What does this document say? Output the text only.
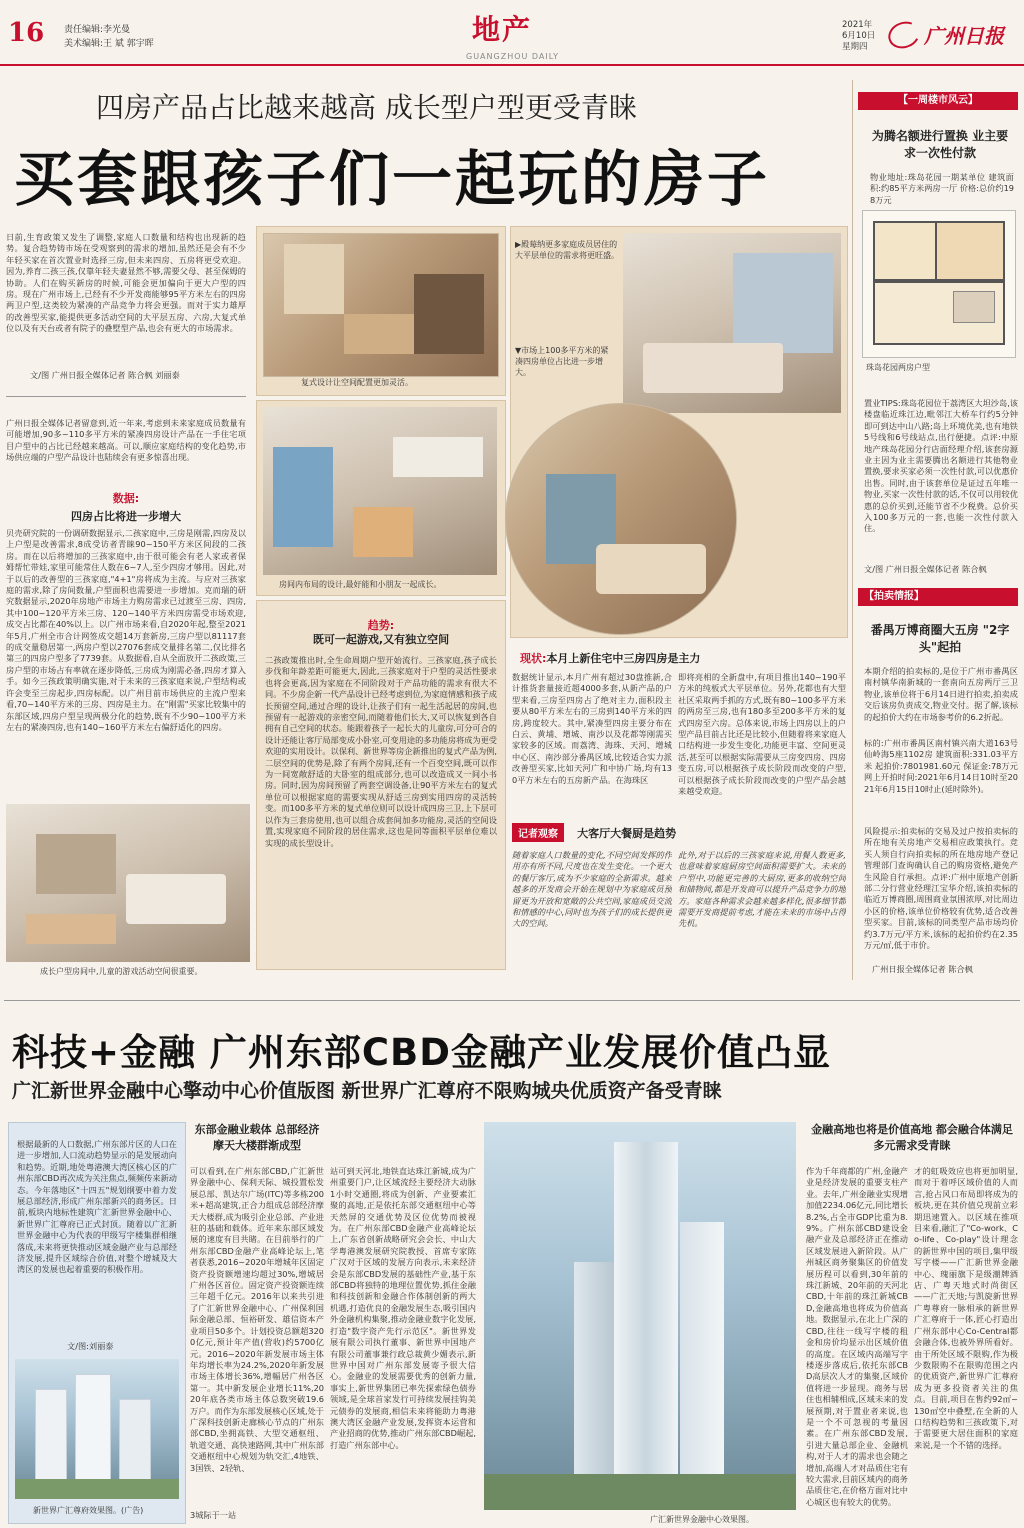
16 责任编辑:李光曼
美术编辑:王 斌 郭宇晖	地产
GUANGZHOU DAILY
2021年
6月10日
星期四	广州日报
四房产品占比越来越高 成长型户型更受青睐
买套跟孩子们一起玩的房子
日前,生育政策又发生了调整,家庭人口数量和结构也出现新的趋势。复合趋势铸市场在受观察到的需求的增加,虽然还是会有不少年轻买家在首次置业时选择三房,但未来四房、五房将更受欢迎。因为,养育二孩三孩,仅靠年轻夫妻显然不够,需要父母、甚至保姆的协助。人们在购买新房的时候,可能会更加偏向于更大户型的四房。现在广州市场上,已经有不少开发商能够95平方米左右的四房两卫户型,这类较为紧凑的产品竞争力将会更强。而对于实力雄厚的改善型买家,能提供更多活动空间的大平层五房、六房,大复式单位以及有天台或者有院子的叠墅型产品,也会有更大的市场需求。
文/图 广州日报全媒体记者 陈合枫 刘丽泰
广州日报全媒体记者留意到,近一年来,考虑到未来家庭成员数量有可能增加,90多~110多平方米的紧凑四房设计产品在一手住宅项目户型中的占比已经越来越高。可以,顺应家庭结构的变化趋势,市场供应端的户型产品设计也陆续会有更多惊喜出现。
数据:
四房占比将进一步增大
贝壳研究院的一份调研数据显示,二孩家庭中,三房是刚需,四房及以上户型是改善需求,8成受访者青睐90~150平方米区间段的二孩房。而在以后将增加的三孩家庭中,由于很可能会有老人家或者保姆帮忙带娃,家里可能常住人数在6~7人,至少四房才够用。因此,对于以后的改善型的三孩家庭,"4+1"房将成为主流。与应对三孩家庭的需求,除了房间数量,户型面积也需要进一步增加。克而瑞的研究数据显示,2020年房地产市场主力购房需求已过渡至三房、四房,其中100~120平方米三房、120~140平方米四房需受市场欢迎,成交占比都在40%以上。以广州市场来看,自2020年起,整至2021年5月,广州全市合计网签成交超14万套新房,三房户型以81117套的成交量稳居第一,两房户型以27076套成交量排名第二,仅比排名第三的四房户型多了7739套。从数据看,自从全面放开二孩政策,三房户型的市场占有率就在逐步降低,三房成为刚需必备,四房才算入手。如今三孩政策明确实施,对于未来的三孩家庭来说,户型结构或许会变至三房起步,四房标配。以广州目前市场供应的主流户型来看,70~140平方米的三房、四房是主力。在"刚需"买家比较集中的东部区域,四房户型呈现两极分化的趋势,既有不少90~100平方米左右的紧凑四房,也有140~160平方米左右偏舒适化的四房。
成长户型房间中,儿童的游戏活动空间很重要。
复式设计让空间配置更加灵活。
房间内布局的设计,最好能和小朋友一起成长。
趋势:
既可一起游戏,又有独立空间
二孩政策推出时,全生命周期户型开始流行。三孩家庭,孩子成长步伐和年龄差距可能更大,因此,三孩家庭对于户型的灵活性要求也将会更高,因为家庭在不同阶段对于产品功能的需求有很大不同。不少房企新一代产品设计已经考虑到位,为家庭情感和孩子成长预留空间,通过合理的设计,让孩子们有一起生活起居的房间,也预留有一起游戏的亲密空间,而随着他们长大,又可以恢复到各自拥有自己空间的状态。能跟着孩子一起长大的儿童房,可分可合的设计还能让客厅局部变成小卧室,可变用途的多功能房将成为更受欢迎的实用设计。以保利、新世界等房企新推出的复式产品为例,二层空间的优势是,除了有两个房间,还有一个百变空间,既可以作为一间宽敞舒适的大卧室的组成部分,也可以改造成又一间小书房。同时,因为房间预留了两套空调设备,让90平方米左右的复式单位可以根据家庭的需要实现从舒适三房到实用四房的灵活转变。而100多平方米的复式单位则可以设计成四房三卫,上下层可以作为三套房使用,也可以组合成套间加多功能房,灵活的空间设置,实现家庭不同阶段的居住需求,这也是同等面积平层单位难以实现的成长型设计。
▶殿莓纳更多家庭成员居住的大平层单位的需求将更旺盛。
▼市场上100多平方米的紧凑四房单位占比进一步增大。
现状:本月上新住宅中三房四房是主力
数据统计显示,本月广州有超过30盘推新,合计推货套量接近超4000多套,从新产品的户型来看,三房至四房占了绝对主力,面积段主要从80平方米左右的三房到140平方米的四房,跨度较大。其中,紧凑型四房主要分布在白云、黄埔、增城、南沙以及花都等刚需买家较多的区域。而荔湾、海珠、天河、增城中心区、南沙部分番禺区域,比较适合实力派改善型买家,比如天河广和中协广场,均有130平方米左右的五房新产品。在海珠区
即将亮相的全新盘中,有项目推出140~190平方米的纯板式大平层单位。另外,花都也有大型社区采取两手抓的方式,既有80~100多平方米的两房至三房,也有180多至200多平方米的复式四房至六房。总体来说,市场上四房以上的户型产品目前占比还是比较小,但随着将来家庭人口结构进一步发生变化,功能更丰富、空间更灵活,甚至可以根据实际需要从三房变四房、四房变五房,可以根据孩子成长阶段而改变的户型,可以根据孩子成长阶段而改变的户型产品会越来越受欢迎。
记者观察 大客厅大餐厨是趋势
随着家庭人口数量的变化,不同空间发挥的作用亦有所不同,尺度也在发生变化。一个更大的餐厅客厅,成为不少家庭的全新需求。越来越多的开发商会开始在规划中为家庭成员预留更为开放和宽敞的公共空间,家庭成员交流和情感的中心,同时也为孩子们的成长提供更大的空间。
此外,对于以后的三孩家庭来说,用餐人数更多,也意味着家庭厨房空间面积需要扩大。未来的户型中,功能更完善的大厨房,更多的收纳空间和储物间,都是开发商可以提升产品竞争力的地方。家庭各种需求会越来越多样化,很多细节都需要开发商提前考虑,才能在未来的市场中占得先机。
【一周楼市风云】
为腾名额进行置换 业主要求一次性付款
物业地址:珠岛花园一期某单位 建筑面积:约85平方米两房一厅 价格:总价约198万元
珠岛花园两房户型
置业TIPS:珠岛花园位于荔湾区大坦沙岛,该楼盘临近珠江边,毗邻江大桥车行约5分钟即可到达中山八路;岛上环境优美,也有地铁5号线和6号线站点,出行便捷。点评:中原地产珠岛花园分行店面经理介绍,该套房源业主因为业主需要腾出名额进行其他物业置换,要求买家必须一次性付款,可以优惠价出售。同时,由于该套单位是证过五年唯一物业,买家一次性付款的话,不仅可以用较优惠的总价买到,还能节省不少税费。总价买入100多万元的一套,也能一次性付款入住。
文/图 广州日报全媒体记者 陈合枫
【拍卖情报】
番禺万博商圈大五房 "2字头"起拍
本期介绍的拍卖标的,是位于广州市番禺区南村镇华南新城的一套南向五房两厅三卫物业,该单位将于6月14日进行拍卖,拍卖成交后该房负责成交,物业交付。据了解,该标的起拍价大约在市场参考价的6.2折起。
标的:广州市番禺区南村镇兴南大道163号仙岭海5座1102房 建筑面积:331.03平方米 起拍价:7801981.60元 保证金:78万元 网上开拍时间:2021年6月14日10时至2021年6月15日10时止(延时除外)。
风险提示:拍卖标的交易及过户按拍卖标的所在地有关房地产交易相应政策执行。竞买人须自行向拍卖标的所在地房地产登记管理部门查询确认自己的购房资格,避免产生风险自行承担。点评:广州中原地产创新部二分行营业经理江宝华介绍,该拍卖标的临近万博商圈,周围商业氛围浓厚,对比周边小区的价格,该单位价格较有优势,适合改善型买家。目前,该标的同类型产品市场均价约3.7万元/平方米,该标的起拍价约在2.35万元/㎡,低于市价。
广州日报全媒体记者 陈合枫
科技+金融 广州东部CBD金融产业发展价值凸显
广汇新世界金融中心擎动中心价值版图 新世界广汇尊府不限购城央优质资产备受青睐
根据最新的人口数据,广州东部片区的人口在进一步增加,人口流动趋势显示的是发展动向和趋势。近期,地处粤港澳大湾区核心区的广州东部CBD再次成为关注焦点,频频传来新动态。今年落地区"十四五"规划纲要中着力发展总部经济,形成广州东部新兴的商务区。日前,板块内地标性建筑广汇新世界金融中心、新世界广汇尊府已正式封顶。随着以广汇新世界金融中心为代表的甲级写字楼集群相继落成,未来将更快推动区域金融产业与总部经济发展,提升区域综合价值,对整个增城及大湾区的发展也起着重要的积极作用。
文/图:刘丽泰
新世界广汇尊府效果图。(广告)
东部金融业载体 总部经济摩天大楼群渐成型
可以看到,在广州东部CBD,广汇新世界金融中心、保利天际、城投置松发展总部、凯达尔广场(ITC)等多栋200米+超高建筑,正合力组成总部经济摩天大楼群,成为吸引企业总部、产业进驻的基础和载体。近年来东部区域发展的速度有目共睹。在目前举行的广州东部CBD金融产业高峰论坛上,笔者获悉,2016~2020年增城年区固定资产投资额增速均超过30%,增城居广州各区首位。固定资产投资额连续三年超千亿元。2016年以来共引进了广汇新世界金融中心、广州保利国际金融总部、恒裕研发、雄信资本产业项目50多个。计划投资总额超3200亿元,预计年产值(营收)约5700亿元。2016~2020年新发展市场主体年均增长率为24.2%,2020年新发展市场主体增长36%,增幅居广州各区第一。其中新发展企业增长11%,2020年底各类市场主体总数突破19.6万户。而作为东部发展核心区域,处于广深科技创新走廊核心节点的广州东部CBD,坐拥高铁、大型交通枢纽、轨道交通、高快速路网,其中广州东部交通枢纽中心规划为轨交汇,4地铁、3国铁、2轻轨、
3城际于一站
站可到天河北,地铁直达珠江新城,成为广州重要门户,让区域流经主要经济大动脉1小时交通圈,将成为创新、产业要素汇聚的高地,正是依托东部交通枢纽中心等天然屏的交通优势及区位优势而被视为。在广州东部CBD金融产业高峰论坛上,广东省创新战略研究会会长、中山大学粤港澳发展研究院教授、首席专家陈广汉对于区域的发展方向表示,未来经济会是东部CBD发展的基础性产业,基于东部CBD将独特的地理位置优势,抓住金融和科技创新和金融合作体制创新的两大机遇,打造优良的金融发展生态,吸引国内外金融机构集聚,推动金融业数字化发展,打造"数字资产先行示范区"。新世界发展有限公司执行董事、新世界中国地产有限公司董事兼行政总裁黄少媚表示,新世界中国对广州东部发展寄予很大信心。金融业的发展需要优秀的创新力量,事实上,新世界集团已率先探索绿色债券领域,是全球首家发行可持续发展挂钩美元债券的发展商,相信未来将能助力粤港澳大湾区金融产业发展,发挥资本运营和产业招商的优势,推动广州东部CBD崛起,打造广州东部中心。
广汇新世界金融中心效果图。
金融高地也将是价值高地 都会融合体满足多元需求受青睐
作为千年商都的广州,金融产业是经济发展的重要支柱产业。去年,广州金融业实现增加值2234.06亿元,同比增长8.2%,占全市GDP比重为8.9%。广州东部CBD建设金融产业及总部经济正在推动区域发展进入新阶段。从广州城区商务聚集区的价值发展历程可以看到,30年前的珠江新城、20年前的天河北CBD,十年前的珠江新城CBD,金融高地也将成为价值高地。数据显示,在北上广深的CBD,往往一线写字楼的租金和房价均显示出区域价值的高度。在区域内高端写字楼逐步落成后,依托东部CBD高层次人才的集聚,区域价值将进一步显现。商务与居住也相辅相成,区域未来的发展预期,对于置业者来说,也是一个不可忽视的考量因素。在广州东部CBD发展,引进大量总部企业、金融机构,对于人才的需求也会随之增加,高端人才对品质住宅有较大需求,目前区域内的商务品质住宅,在价格方面对比中心城区也有较大的优势。
才的虹吸效应也将更加明显,而对于着呼区域价值的人而言,抢占风口布局即将成为的板块,更在其价值兑现前立彩期迅速置入。以区域在推项目来看,融汇了"Co-work、Co-life、Co-play"设计理念的新世界中国的项目,集甲级写字楼——广汇新世界金融中心、瑰丽旗下是级潮牌酒店、广粤天地式时尚街区——广汇天地;与凯旋新世界广粤尊府一脉相承的新世界广汇尊府于一体,匠心打造出广州东部中心Co-Central都会融合体,也被外界所看好。由于所处区域不限购,作为极少数限购不在限购范围之内的优质资产,新世界广汇尊府成为更多投资者关注的焦点。目前,项目在售约92㎡~130㎡空中叠墅,在全新的人口结构趋势和三孩政策下,对于需要更大居住面积的家庭来说,是一个不错的选择。
